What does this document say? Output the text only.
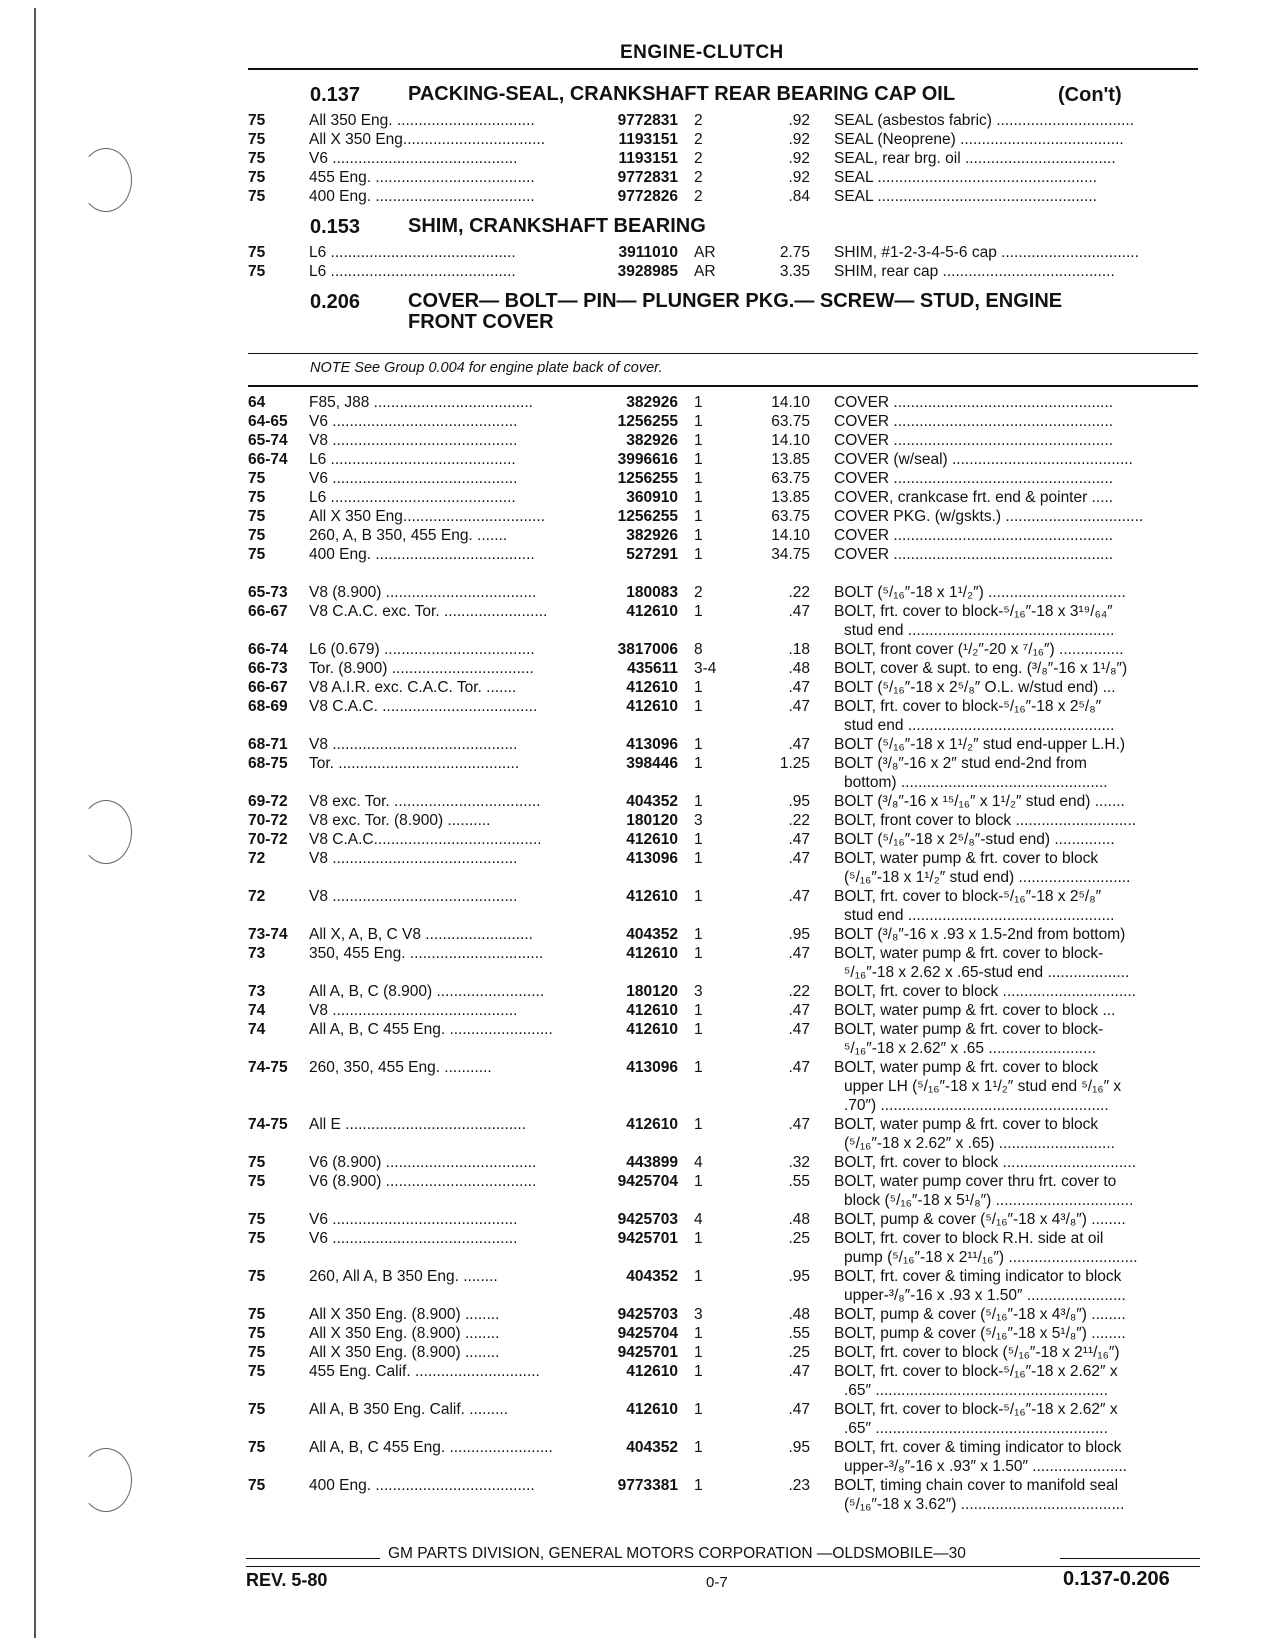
ENGINE-CLUTCH
0.137 PACKING-SEAL, CRANKSHAFT REAR BEARING CAP OIL	(Con't)
0.153 SHIM, CRANKSHAFT BEARING
0.206 COVER— BOLT— PIN— PLUNGER PKG.— SCREW— STUD, ENGINE
FRONT COVER
NOTE See Group 0.004 for engine plate back of cover.
75	All 350 Eng. ................................	9772831 2	.92 SEAL (asbestos fabric) ................................
75	All X 350 Eng.................................	1193151 2	.92 SEAL (Neoprene) ......................................
75	V6 ...........................................	1193151 2	.92 SEAL, rear brg. oil ...................................
75	455 Eng. .....................................	9772831 2	.92 SEAL ...................................................
75	400 Eng. .....................................	9772826 2	.84 SEAL ...................................................
75	L6 ...........................................	3911010 AR	2.75 SHIM, #1-2-3-4-5-6 cap ................................
75	L6 ...........................................	3928985 AR	3.35 SHIM, rear cap ........................................
64	F85, J88 .....................................	382926 1	14.10 COVER ...................................................
64-65 V6 ...........................................	1256255 1	63.75 COVER ...................................................
65-74 V8 ...........................................	382926 1	14.10 COVER ...................................................
66-74 L6 ...........................................	3996616 1	13.85 COVER (w/seal) ..........................................
75	V6 ...........................................	1256255 1	63.75 COVER ...................................................
75	L6 ...........................................	360910 1	13.85 COVER, crankcase frt. end & pointer .....
75	All X 350 Eng.................................	1256255 1	63.75 COVER PKG. (w/gskts.) ................................
75	260, A, B 350, 455 Eng. .......	382926 1	14.10 COVER ...................................................
75	400 Eng. .....................................	527291 1	34.75 COVER ...................................................
65-73 V8 (8.900) ...................................	180083 2	.22 BOLT (⁵/₁₆″-18 x 1¹/₂″) ................................
66-67 V8 C.A.C. exc. Tor. ........................	412610 1	.47 BOLT, frt. cover to block-⁵/₁₆″-18 x 3¹⁹/₆₄″
stud end ................................................
66-74 L6 (0.679) ...................................	3817006 8	.18 BOLT, front cover (¹/₂″-20 x ⁷/₁₆″) ...............
66-73 Tor. (8.900) .................................	435611 3-4	.48 BOLT, cover & supt. to eng. (³/₈″-16 x 1¹/₈″)
66-67 V8 A.I.R. exc. C.A.C. Tor. .......	412610 1	.47 BOLT (⁵/₁₆″-18 x 2⁵/₈″ O.L. w/stud end) ...
68-69 V8 C.A.C. ....................................	412610 1	.47 BOLT, frt. cover to block-⁵/₁₆″-18 x 2⁵/₈″
stud end ................................................
68-71 V8 ...........................................	413096 1	.47 BOLT (⁵/₁₆″-18 x 1¹/₂″ stud end-upper L.H.)
68-75 Tor. ..........................................	398446 1	1.25 BOLT (³/₈″-16 x 2″ stud end-2nd from
bottom) ................................................
69-72 V8 exc. Tor. ..................................	404352 1	.95 BOLT (³/₈″-16 x ¹⁵/₁₆″ x 1¹/₂″ stud end) .......
70-72 V8 exc. Tor. (8.900) ..........	180120 3	.22 BOLT, front cover to block ............................
70-72 V8 C.A.C.......................................	412610 1	.47 BOLT (⁵/₁₆″-18 x 2⁵/₈″-stud end) ..............
72	V8 ...........................................	413096 1	.47 BOLT, water pump & frt. cover to block
(⁵/₁₆″-18 x 1¹/₂″ stud end) ..........................
72	V8 ...........................................	412610 1	.47 BOLT, frt. cover to block-⁵/₁₆″-18 x 2⁵/₈″
stud end ................................................
73-74 All X, A, B, C V8 .........................	404352 1	.95 BOLT (³/₈″-16 x .93 x 1.5-2nd from bottom)
73	350, 455 Eng. ...............................	412610 1	.47 BOLT, water pump & frt. cover to block-
⁵/₁₆″-18 x 2.62 x .65-stud end ...................
73	All A, B, C (8.900) .........................	180120 3	.22 BOLT, frt. cover to block ...............................
74	V8 ...........................................	412610 1	.47 BOLT, water pump & frt. cover to block ...
74	All A, B, C 455 Eng. ........................	412610 1	.47 BOLT, water pump & frt. cover to block-
⁵/₁₆″-18 x 2.62″ x .65 .........................
74-75 260, 350, 455 Eng. ...........	413096 1	.47 BOLT, water pump & frt. cover to block
upper LH (⁵/₁₆″-18 x 1¹/₂″ stud end ⁵/₁₆″ x
.70″) .....................................................
74-75 All E ..........................................	412610 1	.47 BOLT, water pump & frt. cover to block
(⁵/₁₆″-18 x 2.62″ x .65) ...........................
75	V6 (8.900) ...................................	443899 4	.32 BOLT, frt. cover to block ...............................
75	V6 (8.900) ...................................	9425704 1	.55 BOLT, water pump cover thru frt. cover to
block (⁵/₁₆″-18 x 5¹/₈″) ................................
75	V6 ...........................................	9425703 4	.48 BOLT, pump & cover (⁵/₁₆″-18 x 4³/₈″) ........
75	V6 ...........................................	9425701 1	.25 BOLT, frt. cover to block R.H. side at oil
pump (⁵/₁₆″-18 x 2¹¹/₁₆″) ..............................
75	260, All A, B 350 Eng. ........	404352 1	.95 BOLT, frt. cover & timing indicator to block
upper-³/₈″-16 x .93 x 1.50″ .......................
75	All X 350 Eng. (8.900) ........	9425703 3	.48 BOLT, pump & cover (⁵/₁₆″-18 x 4³/₈″) ........
75	All X 350 Eng. (8.900) ........	9425704 1	.55 BOLT, pump & cover (⁵/₁₆″-18 x 5¹/₈″) ........
75	All X 350 Eng. (8.900) ........	9425701 1	.25 BOLT, frt. cover to block (⁵/₁₆″-18 x 2¹¹/₁₆″)
75	455 Eng. Calif. .............................	412610 1	.47 BOLT, frt. cover to block-⁵/₁₆″-18 x 2.62″ x
.65″ ......................................................
75	All A, B 350 Eng. Calif. .........	412610 1	.47 BOLT, frt. cover to block-⁵/₁₆″-18 x 2.62″ x
.65″ ......................................................
75	All A, B, C 455 Eng. ........................	404352 1	.95 BOLT, frt. cover & timing indicator to block
upper-³/₈″-16 x .93″ x 1.50″ ......................
75	400 Eng. .....................................	9773381 1	.23 BOLT, timing chain cover to manifold seal
(⁵/₁₆″-18 x 3.62″) ......................................
GM PARTS DIVISION, GENERAL MOTORS CORPORATION —OLDSMOBILE—30
REV. 5-80	0-7	0.137-0.206
